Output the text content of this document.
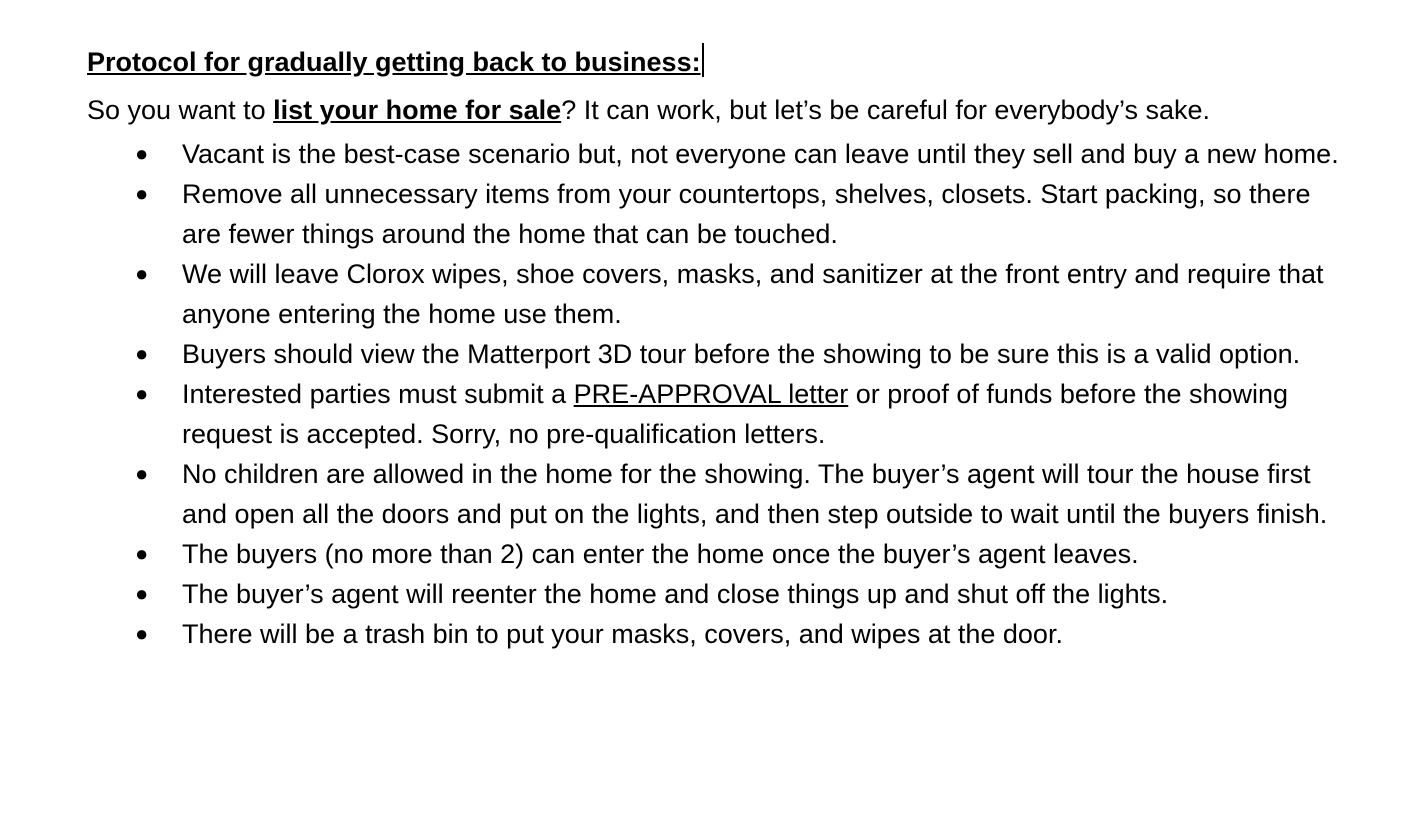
Protocol for gradually getting back to business:

So you want to list your home for sale? It can work, but let’s be careful for everybody’s sake.

● Vacant is the best-case scenario but, not everyone can leave until they sell and buy a new home.
● Remove all unnecessary items from your countertops, shelves, closets. Start packing, so there are fewer things around the home that can be touched.
● We will leave Clorox wipes, shoe covers, masks, and sanitizer at the front entry and require that anyone entering the home use them.
● Buyers should view the Matterport 3D tour before the showing to be sure this is a valid option.
● Interested parties must submit a PRE-APPROVAL letter or proof of funds before the showing request is accepted. Sorry, no pre-qualification letters.
● No children are allowed in the home for the showing. The buyer’s agent will tour the house first and open all the doors and put on the lights, and then step outside to wait until the buyers finish.
● The buyers (no more than 2) can enter the home once the buyer’s agent leaves.
● The buyer’s agent will reenter the home and close things up and shut off the lights.
● There will be a trash bin to put your masks, covers, and wipes at the door.
